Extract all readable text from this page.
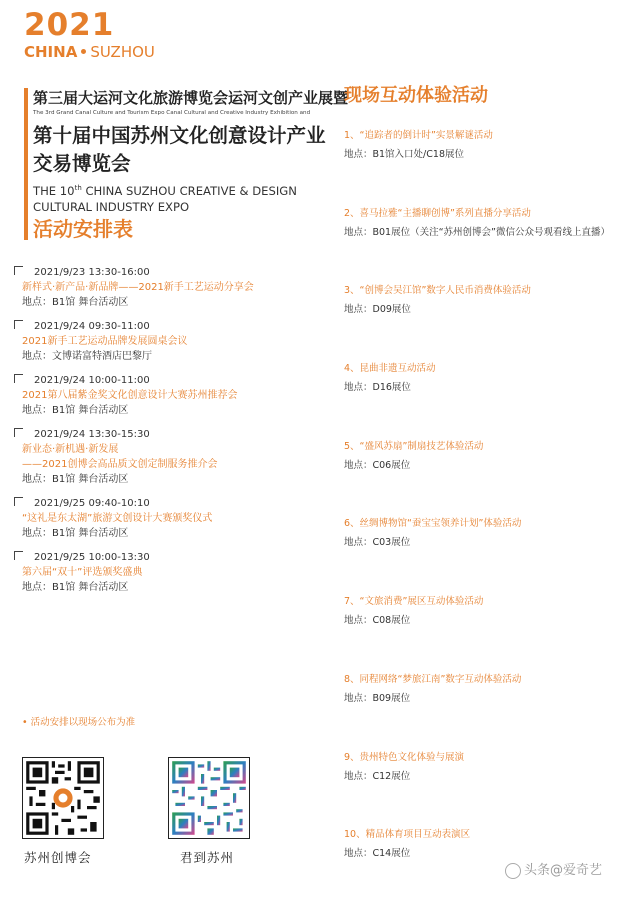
2021
CHINA SUZHOU
第三届大运河文化旅游博览会运河文创产业展暨
The 3rd Grand Canal Culture and Tourism Expo Canal Cultural and Creative Industry Exhibition and
第十届中国苏州文化创意设计产业交易博览会
THE 10th CHINA SUZHOU CREATIVE & DESIGN CULTURAL INDUSTRY EXPO
活动安排表
2021/9/23 13:30-16:00
新样式·新产品·新品牌——2021新手工艺运动分享会
地点：B1馆 舞台活动区
2021/9/24 09:30-11:00
2021新手工艺运动品牌发展圆桌会议
地点：文博诺富特酒店巴黎厅
2021/9/24 10:00-11:00
2021第八届紫金奖文化创意设计大赛苏州推荐会
地点：B1馆 舞台活动区
2021/9/24 13:30-15:30
新业态·新机遇·新发展
——2021创博会高品质文创定制服务推介会
地点：B1馆 舞台活动区
2021/9/25 09:40-10:10
“这礼是东太湖”旅游文创设计大赛颁奖仪式
地点：B1馆 舞台活动区
2021/9/25 10:00-13:30
第六届“双十”评选颁奖盛典
地点：B1馆 舞台活动区
• 活动安排以现场公布为准
苏州创博会	君到苏州
现场互动体验活动
1、“追踪者的倒计时”实景解谜活动
地点：B1馆入口处/C18展位
2、喜马拉雅“主播聊创博”系列直播分享活动
地点：B01展位（关注“苏州创博会”微信公众号观看线上直播）
3、“创博会吴江馆”数字人民币消费体验活动
地点：D09展位
4、昆曲非遗互动活动
地点：D16展位
5、“盛风苏扇”制扇技艺体验活动
地点：C06展位
6、丝绸博物馆“蚕宝宝领养计划”体验活动
地点：C03展位
7、“文旅消费”展区互动体验活动
地点：C08展位
8、同程网络“梦旅江南”数字互动体验活动
地点：B09展位
9、贵州特色文化体验与展演
地点：C12展位
10、精品体育项目互动表演区
地点：C14展位
头条@爱奇艺
